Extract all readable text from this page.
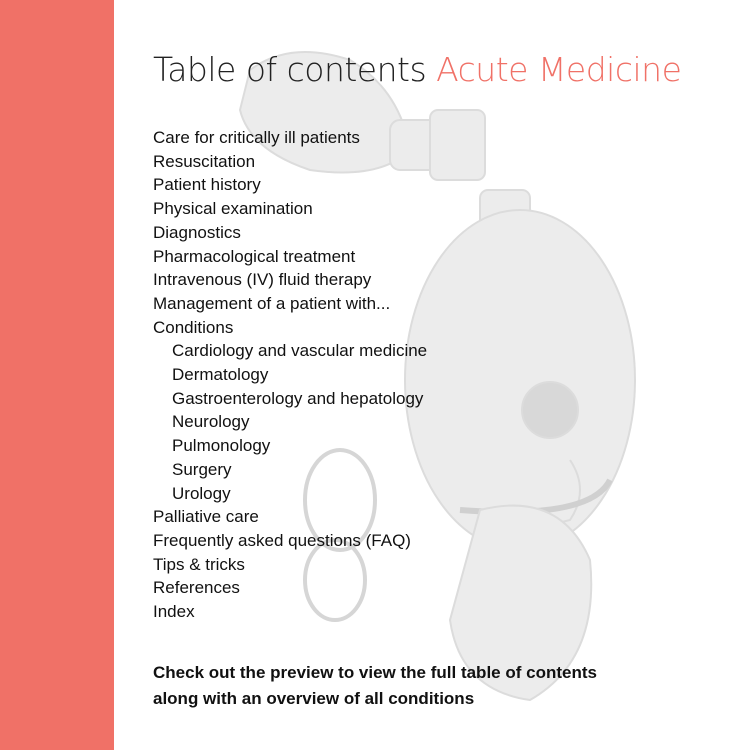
Table of contents Acute Medicine
Care for critically ill patients
Resuscitation
Patient history
Physical examination
Diagnostics
Pharmacological treatment
Intravenous (IV) fluid therapy
Management of a patient with...
Conditions
Cardiology and vascular medicine
Dermatology
Gastroenterology and hepatology
Neurology
Pulmonology
Surgery
Urology
Palliative care
Frequently asked questions (FAQ)
Tips & tricks
References
Index
Check out the preview to view the full table of contents
along with an overview of all conditions
